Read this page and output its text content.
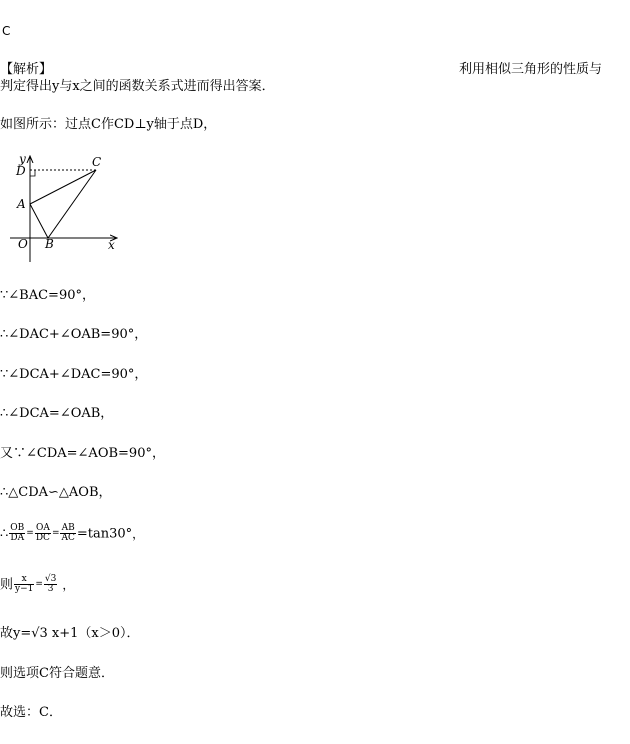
C
【解析】	利用相似三角形的性质与
判定得出y与x之间的函数关系式进而得出答案．
如图所示：过点C作CD⊥y轴于点D，
y
D
C
A
O B	x
∵∠BAC=90°，
∴∠DAC+∠OAB=90°，
∵∠DCA+∠DAC=90°，
∴∠DCA=∠OAB，
又∵∠CDA=∠AOB=90°，
∴△CDA∽△AOB，
∴ $\frac{OB}{DA} = \frac{OA}{DC} = \frac{AB}{AC} =\tan 30^\circ$，
则 $\frac{x}{y-1} = \frac{√3}{3}$ ，
故y=√3 x+1（x＞0）．
则选项C符合题意．
故选：C．
